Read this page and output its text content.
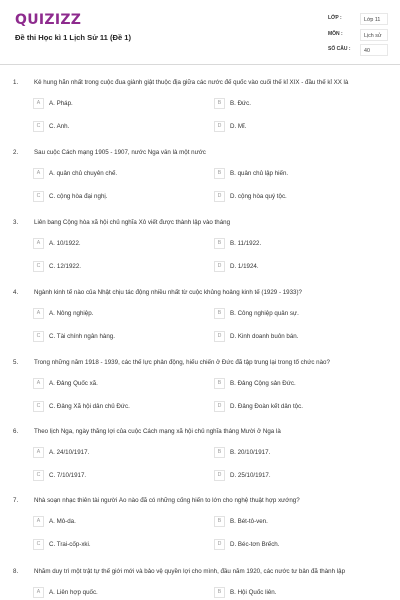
QUIZIZZ
Đề thi Học kì 1 Lịch Sử 11 (Đề 1)
LỚP :	Lớp 11
MÔN :	Lịch sử
SỐ CÂU :	40
1.	Kẻ hung hãn nhất trong cuộc đua giành giật thuộc địa giữa các nước đế quốc vào cuối thế kỉ XIX - đầu thế kỉ XX là
A	A. Pháp.	B	B. Đức.
C	C. Anh.	D	D. Mĩ.
2.	Sau cuộc Cách mạng 1905 - 1907, nước Nga vẫn là một nước
A	A. quân chủ chuyên chế.	B	B. quân chủ lập hiến.
C	C. cộng hòa đại nghị.	D	D. cộng hòa quý tộc.
3.	Liên bang Cộng hòa xã hội chủ nghĩa Xô viết được thành lập vào tháng
A	A. 10/1922.	B	B. 11/1922.
C	C. 12/1922.	D	D. 1/1924.
4.	Ngành kinh tế nào của Nhật chịu tác động nhiều nhất từ cuộc khủng hoảng kinh tế (1929 - 1933)?
A	A. Nông nghiệp.	B	B. Công nghiệp quân sự.
C	C. Tài chính ngân hàng.	D	D. Kinh doanh buôn bán.
5.	Trong những năm 1918 - 1939, các thế lực phản động, hiếu chiến ở Đức đã tập trung lại trong tổ chức nào?
A	A. Đảng Quốc xã.	B	B. Đảng Cộng sản Đức.
C	C. Đảng Xã hội dân chủ Đức.	D	D. Đảng Đoàn kết dân tộc.
6.	Theo lịch Nga, ngày thắng lợi của cuộc Cách mạng xã hội chủ nghĩa tháng Mười ở Nga là
A	A. 24/10/1917.	B	B. 20/10/1917.
C	C. 7/10/1917.	D	D. 25/10/1917.
7.	Nhà soạn nhạc thiên tài người Áo nào đã có những cống hiến to lớn cho nghệ thuật hợp xướng?
A	A. Mô-da.	B	B. Bét-tô-ven.
C	C. Trai-cốp-xki.	D	D. Béc-tơn Brếch.
8.	Nhằm duy trì một trật tự thế giới mới và bảo vệ quyền lợi cho mình, đầu năm 1920, các nước tư bản đã thành lập
A	A. Liên hợp quốc.	B	B. Hội Quốc liên.
